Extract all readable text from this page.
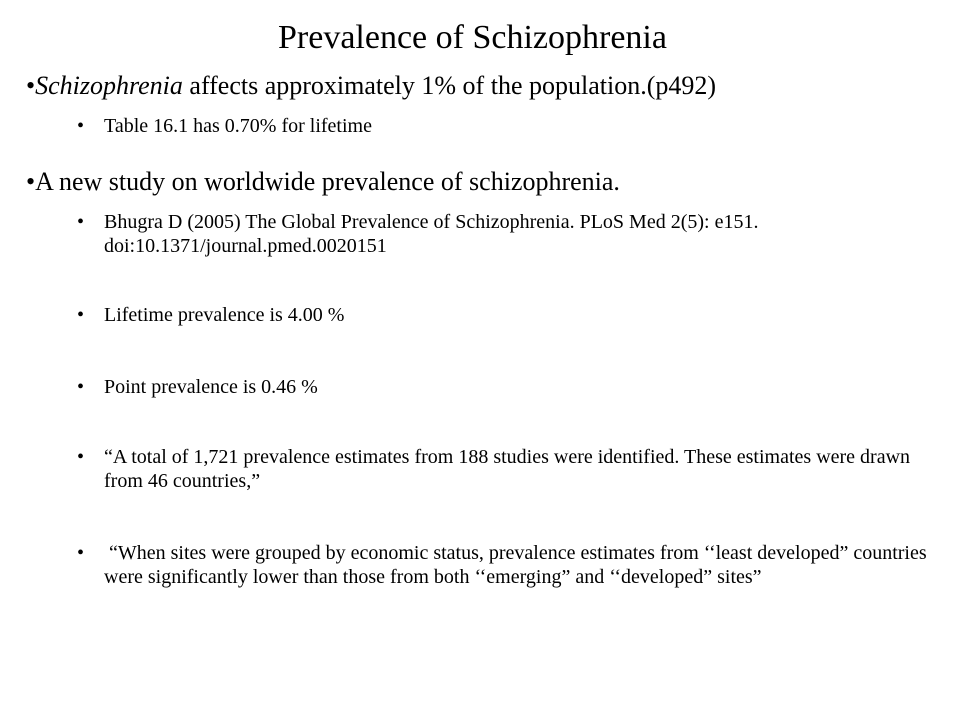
Prevalence of Schizophrenia
•Schizophrenia affects approximately 1% of the population.(p492)
• Table 16.1 has 0.70% for lifetime
•A new study on worldwide prevalence of schizophrenia.
• Bhugra D (2005) The Global Prevalence of Schizophrenia. PLoS Med 2(5): e151. doi:10.1371/journal.pmed.0020151
• Lifetime prevalence is 4.00 %
• Point prevalence is 0.46 %
• “A total of 1,721 prevalence estimates from 188 studies were identified. These estimates were drawn from 46 countries,”
• “When sites were grouped by economic status, prevalence estimates from ‘‘least developed” countries were significantly lower than those from both ‘‘emerging” and ‘‘developed” sites”
